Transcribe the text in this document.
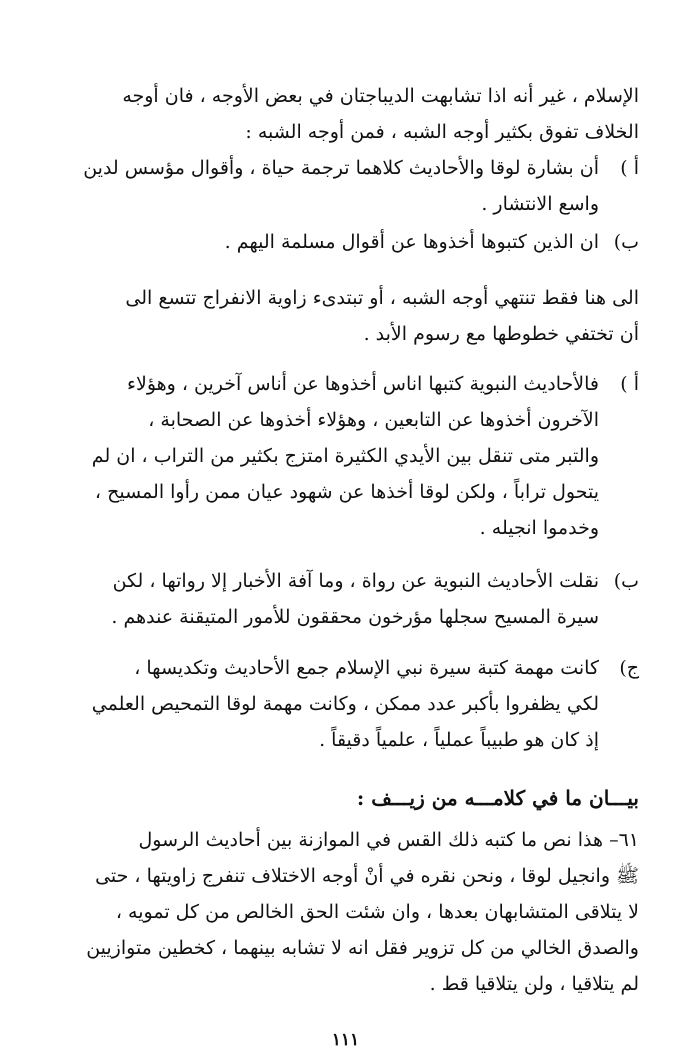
الإسلام ، غير أنه اذا تشابهت الديباجتان في بعض الأوجه ، فان أوجه
الخلاف تفوق بكثير أوجه الشبه ، فمن أوجه الشبه :
أ )
أن بشارة لوقا والأحاديث كلاهما ترجمة حياة ، وأقوال مؤسس لدين
واسع الانتشار .
ب)
ان الذين كتبوها أخذوها عن أقوال مسلمة اليهم .
الى هنا فقط تنتهي أوجه الشبه ، أو تبتدىء زاوية الانفراج تتسع الى
أن تختفي خطوطها مع رسوم الأبد .
أ )
فالأحاديث النبوية كتبها اناس أخذوها عن أناس آخرين ، وهؤلاء
الآخرون أخذوها عن التابعين ، وهؤلاء أخذوها عن الصحابة ،
والتبر متى تنقل بين الأيدي الكثيرة امتزج بكثير من التراب ، ان لم
يتحول تراباً ، ولكن لوقا أخذها عن شهود عيان ممن رأوا المسيح ،
وخدموا انجيله .
ب)
نقلت الأحاديث النبوية عن رواة ، وما آفة الأخبار إلا رواتها ، لكن
سيرة المسيح سجلها مؤرخون محققون للأمور المتيقنة عندهم .
ج)
كانت مهمة كتبة سيرة نبي الإسلام جمع الأحاديث وتكديسها ،
لكي يظفروا بأكبر عدد ممكن ، وكانت مهمة لوقا التمحيص العلمي
إذ كان هو طبيباً عملياً ، علمياً دقيقاً .
بيـــان ما في كلامـــه من زيـــف :
٦١– هذا نص ما كتبه ذلك القس في الموازنة بين أحاديث الرسول
ﷺ وانجيل لوقا ، ونحن نقره في أنْ أوجه الاختلاف تنفرج زاويتها ، حتى
لا يتلاقى المتشابهان بعدها ، وان شئت الحق الخالص من كل تمويه ،
والصدق الخالي من كل تزوير فقل انه لا تشابه بينهما ، كخطين متوازيين
لم يتلاقيا ، ولن يتلاقيا قط .
١١١
